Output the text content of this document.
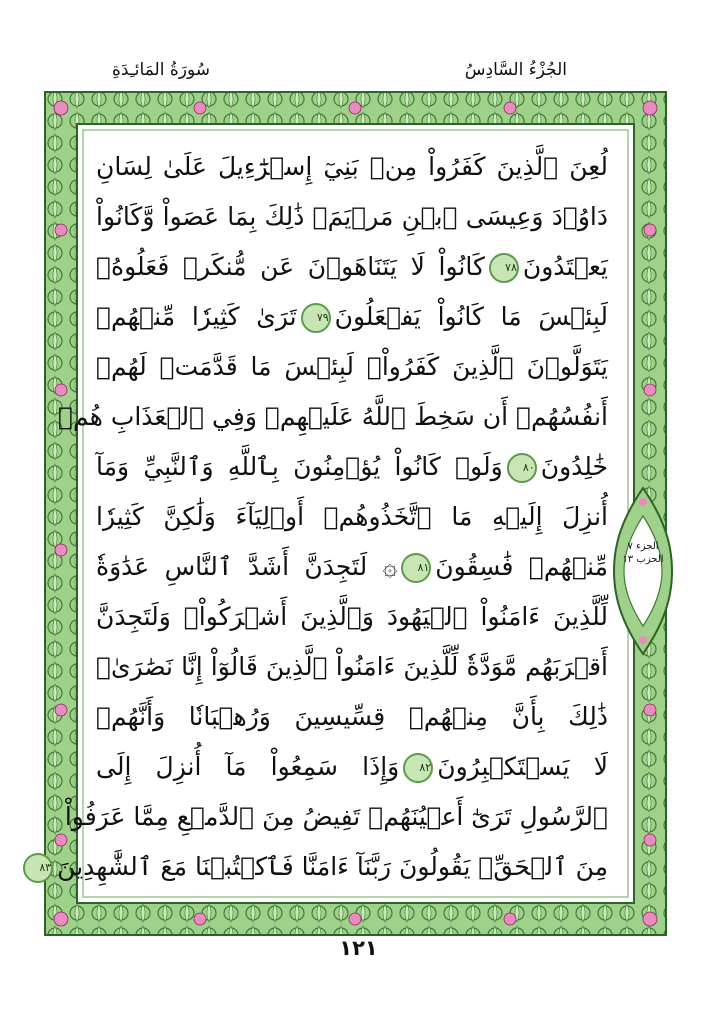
سُورَةُ المَائـِدَةِ	الجُزْءُ السَّادِسُ
الجزء ٧
الحزب ١٣
لُعِنَ ٱلَّذِينَ كَفَرُواْ مِنۢ بَنِيٓ إِسۡرَٰٓءِيلَ عَلَىٰ لِسَانِ
دَاوُۥدَ وَعِيسَى ٱبۡنِ مَرۡيَمَۚ ذَٰلِكَ بِمَا عَصَواْ وَّكَانُواْ
يَعۡتَدُونَ٧٨كَانُواْ لَا يَتَنَاهَوۡنَ عَن مُّنكَرٖ فَعَلُوهُۚ
لَبِئۡسَ مَا كَانُواْ يَفۡعَلُونَ٧٩تَرَىٰ كَثِيرٗا مِّنۡهُمۡ
يَتَوَلَّوۡنَ ٱلَّذِينَ كَفَرُواْۚ لَبِئۡسَ مَا قَدَّمَتۡ لَهُمۡ
أَنفُسُهُمۡ أَن سَخِطَ ٱللَّهُ عَلَيۡهِمۡ وَفِي ٱلۡعَذَابِ هُمۡ
خَٰلِدُونَ٨٠وَلَوۡ كَانُواْ يُؤۡمِنُونَ بِٱللَّهِ وَٱلنَّبِيِّ وَمَآ
أُنزِلَ إِلَيۡهِ مَا ٱتَّخَذُوهُمۡ أَوۡلِيَآءَ وَلَٰكِنَّ كَثِيرٗا
مِّنۡهُمۡ فَٰسِقُونَ٨١۞ لَتَجِدَنَّ أَشَدَّ ٱلنَّاسِ عَدَٰوَةٗ
لِّلَّذِينَ ءَامَنُواْ ٱلۡيَهُودَ وَٱلَّذِينَ أَشۡرَكُواْۖ وَلَتَجِدَنَّ
أَقۡرَبَهُم مَّوَدَّةٗ لِّلَّذِينَ ءَامَنُواْ ٱلَّذِينَ قَالُوٓاْ إِنَّا نَصَٰرَىٰۚ
ذَٰلِكَ بِأَنَّ مِنۡهُمۡ قِسِّيسِينَ وَرُهۡبَانٗا وَأَنَّهُمۡ
لَا يَسۡتَكۡبِرُونَ٨٢وَإِذَا سَمِعُواْ مَآ أُنزِلَ إِلَى
ٱلرَّسُولِ تَرَىٰٓ أَعۡيُنَهُمۡ تَفِيضُ مِنَ ٱلدَّمۡعِ مِمَّا عَرَفُواْ
مِنَ ٱلۡحَقِّۖ يَقُولُونَ رَبَّنَآ ءَامَنَّا فَٱكۡتُبۡنَا مَعَ ٱلشَّٰهِدِينَ٨٣
١٢١
